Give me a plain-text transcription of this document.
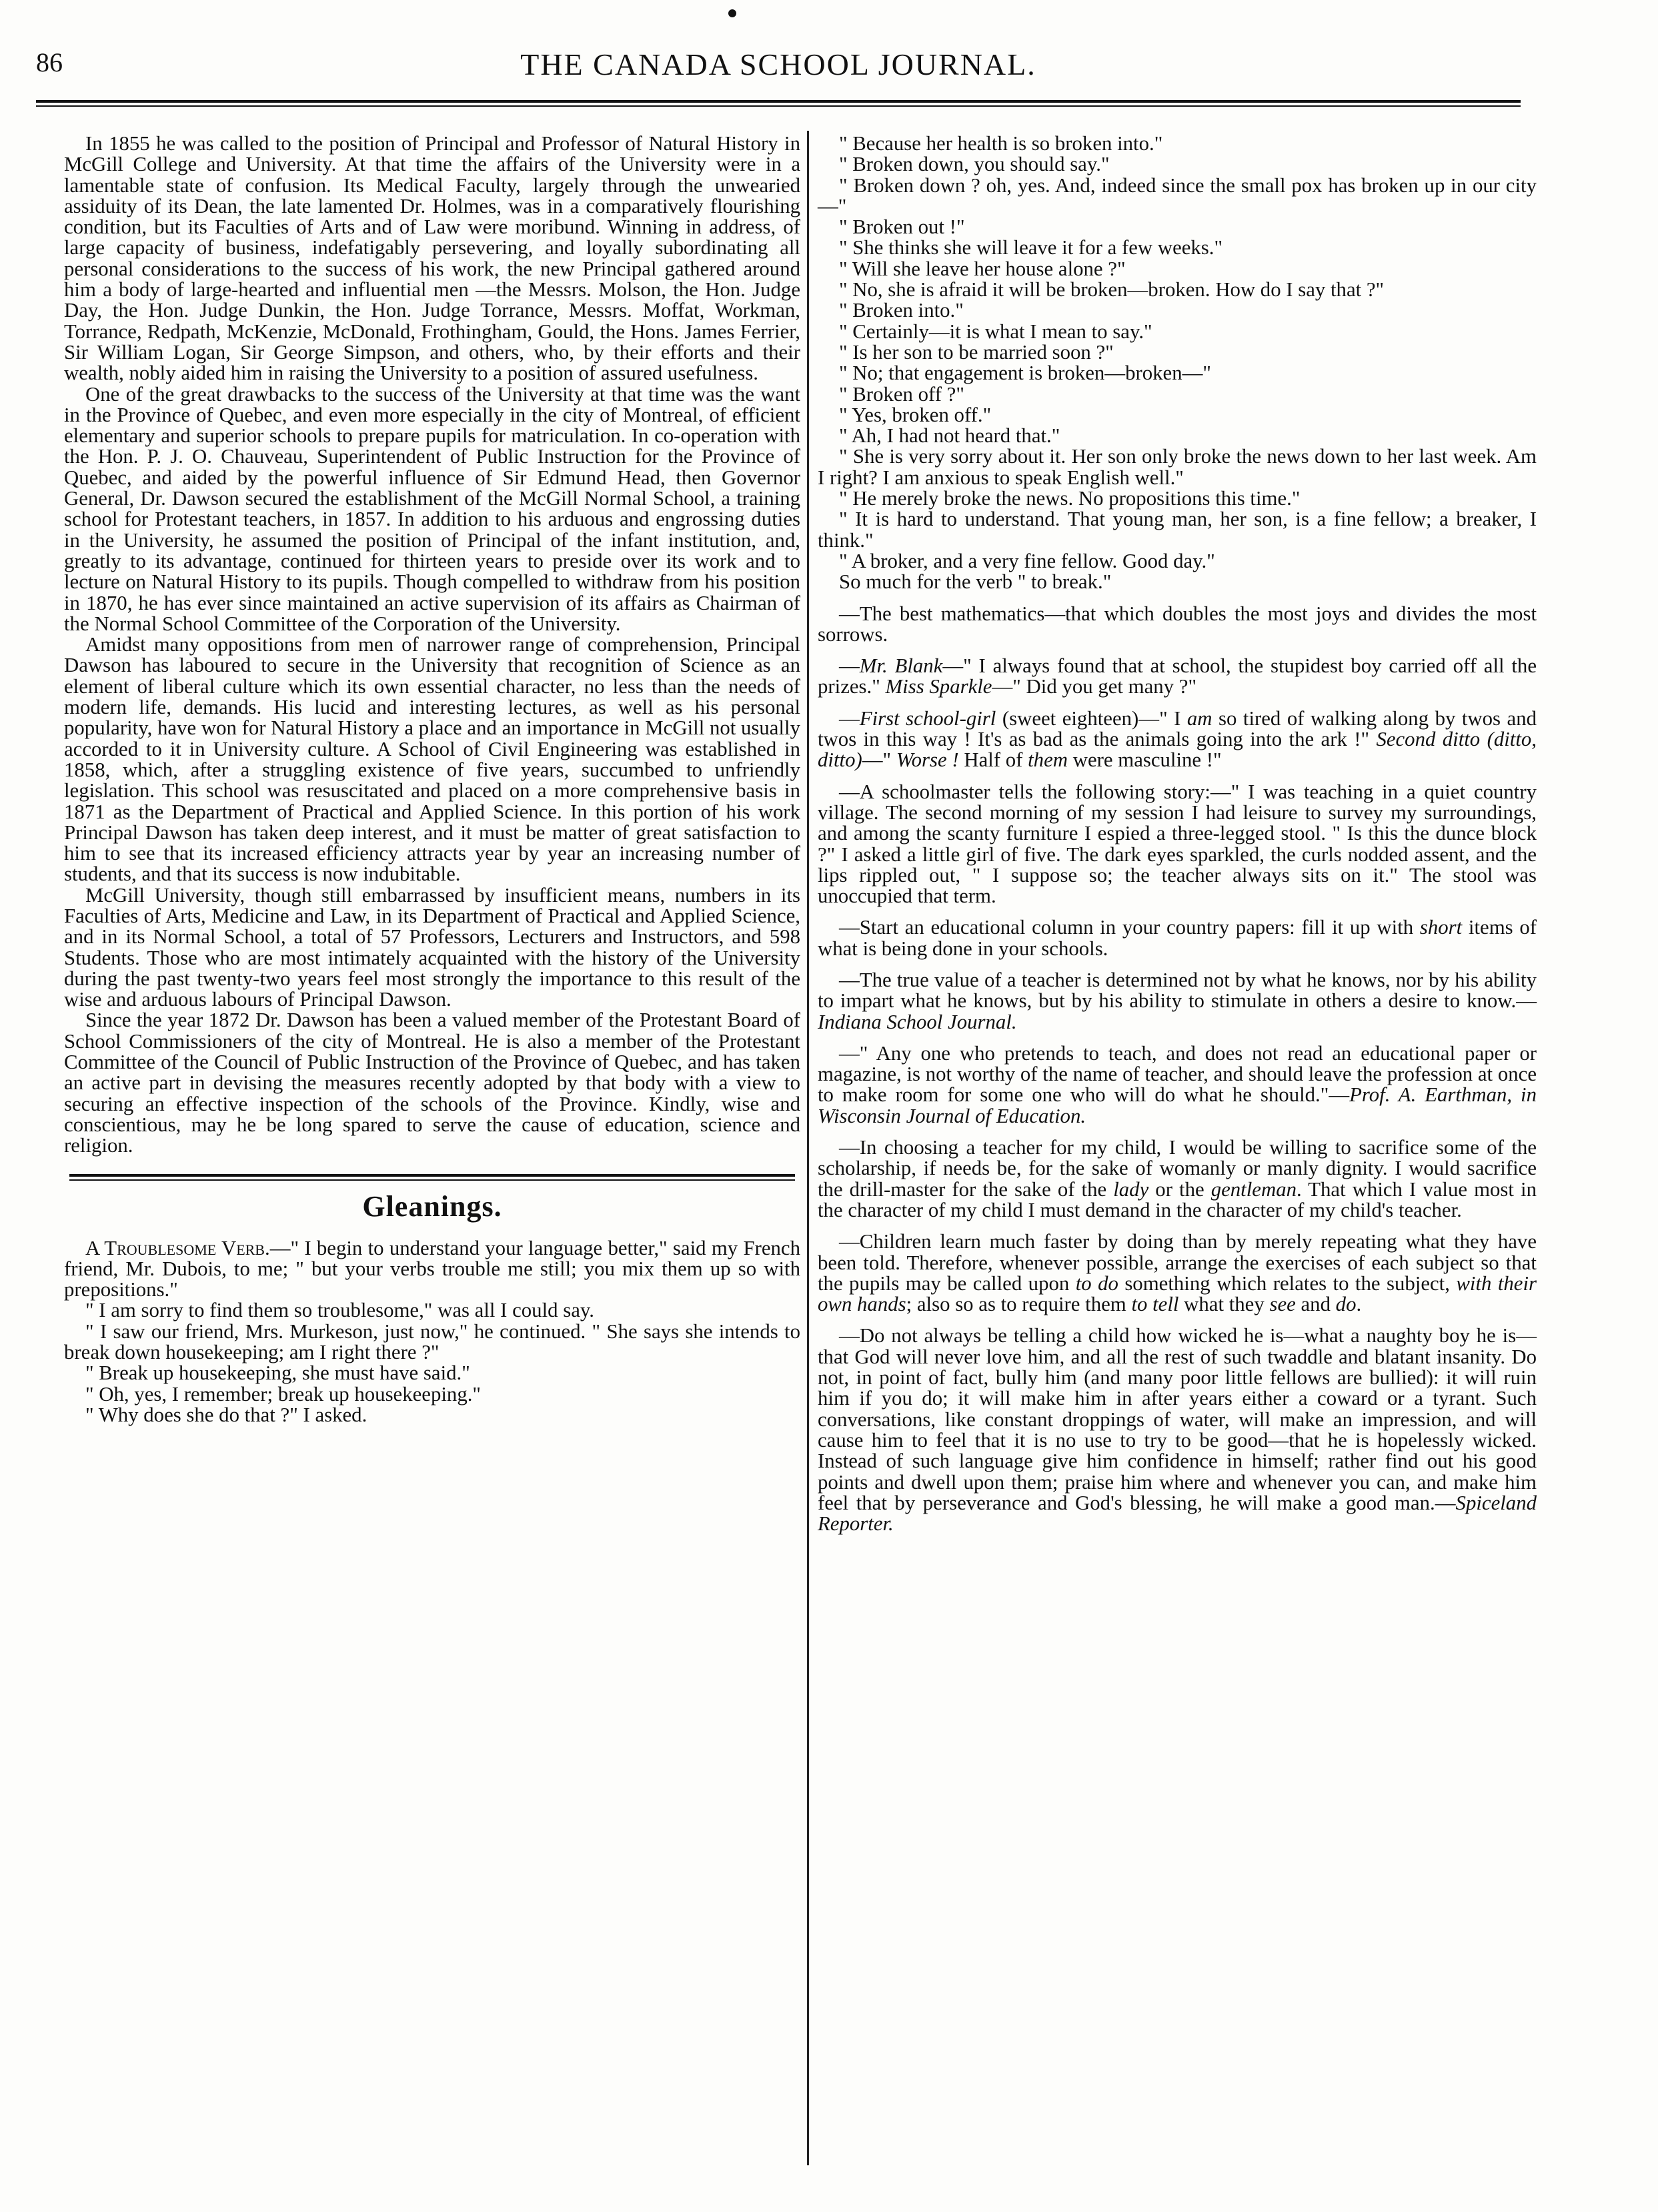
86	THE CANADA SCHOOL JOURNAL.

In 1855 he was called to the position of Principal and Professor of Natural History in McGill College and University. At that time the affairs of the University were in a lamentable state of confusion. Its Medical Faculty, largely through the unwearied assiduity of its Dean, the late lamented Dr. Holmes, was in a comparatively flourishing condition, but its Faculties of Arts and of Law were moribund. Winning in address, of large capacity of business, indefatigably persevering, and loyally subordinating all personal considerations to the success of his work, the new Principal gathered around him a body of large-hearted and influential men —the Messrs. Molson, the Hon. Judge Day, the Hon. Judge Dunkin, the Hon. Judge Torrance, Messrs. Moffat, Workman, Torrance, Redpath, McKenzie, McDonald, Frothingham, Gould, the Hons. James Ferrier, Sir William Logan, Sir George Simpson, and others, who, by their efforts and their wealth, nobly aided him in raising the University to a position of assured usefulness.

One of the great drawbacks to the success of the University at that time was the want in the Province of Quebec, and even more especially in the city of Montreal, of efficient elementary and superior schools to prepare pupils for matriculation. In co-operation with the Hon. P. J. O. Chauveau, Superintendent of Public Instruction for the Province of Quebec, and aided by the powerful influence of Sir Edmund Head, then Governor General, Dr. Dawson secured the establishment of the McGill Normal School, a training school for Protestant teachers, in 1857. In addition to his arduous and engrossing duties in the University, he assumed the position of Principal of the infant institution, and, greatly to its advantage, continued for thirteen years to preside over its work and to lecture on Natural History to its pupils. Though compelled to withdraw from his position in 1870, he has ever since maintained an active supervision of its affairs as Chairman of the Normal School Committee of the Corporation of the University.

Amidst many oppositions from men of narrower range of comprehension, Principal Dawson has laboured to secure in the University that recognition of Science as an element of liberal culture which its own essential character, no less than the needs of modern life, demands. His lucid and interesting lectures, as well as his personal popularity, have won for Natural History a place and an importance in McGill not usually accorded to it in University culture. A School of Civil Engineering was established in 1858, which, after a struggling existence of five years, succumbed to unfriendly legislation. This school was resuscitated and placed on a more comprehensive basis in 1871 as the Department of Practical and Applied Science. In this portion of his work Principal Dawson has taken deep interest, and it must be matter of great satisfaction to him to see that its increased efficiency attracts year by year an increasing number of students, and that its success is now indubitable.

McGill University, though still embarrassed by insufficient means, numbers in its Faculties of Arts, Medicine and Law, in its Department of Practical and Applied Science, and in its Normal School, a total of 57 Professors, Lecturers and Instructors, and 598 Students. Those who are most intimately acquainted with the history of the University during the past twenty-two years feel most strongly the importance to this result of the wise and arduous labours of Principal Dawson.

Since the year 1872 Dr. Dawson has been a valued member of the Protestant Board of School Commissioners of the city of Montreal. He is also a member of the Protestant Committee of the Council of Public Instruction of the Province of Quebec, and has taken an active part in devising the measures recently adopted by that body with a view to securing an effective inspection of the schools of the Province. Kindly, wise and conscientious, may he be long spared to serve the cause of education, science and religion.

Gleanings.

A Troublesome Verb.—" I begin to understand your language better," said my French friend, Mr. Dubois, to me; " but your verbs trouble me still; you mix them up so with prepositions."

" I am sorry to find them so troublesome," was all I could say.

" I saw our friend, Mrs. Murkeson, just now," he continued. " She says she intends to break down housekeeping; am I right there ?"

" Break up housekeeping, she must have said."

" Oh, yes, I remember; break up housekeeping."

" Why does she do that ?" I asked.

" Because her health is so broken into."

" Broken down, you should say."

" Broken down ? oh, yes. And, indeed since the small pox has broken up in our city—"

" Broken out !"

" She thinks she will leave it for a few weeks."

" Will she leave her house alone ?"

" No, she is afraid it will be broken—broken. How do I say that ?"

" Broken into."

" Certainly—it is what I mean to say."

" Is her son to be married soon ?"

" No; that engagement is broken—broken—"

" Broken off ?"

" Yes, broken off."

" Ah, I had not heard that."

" She is very sorry about it. Her son only broke the news down to her last week. Am I right? I am anxious to speak English well."

" He merely broke the news. No propositions this time."

" It is hard to understand. That young man, her son, is a fine fellow; a breaker, I think."

" A broker, and a very fine fellow. Good day."

So much for the verb " to break."

—The best mathematics—that which doubles the most joys and divides the most sorrows.

—Mr. Blank—" I always found that at school, the stupidest boy carried off all the prizes." Miss Sparkle—" Did you get many ?"

—First school-girl (sweet eighteen)—" I am so tired of walking along by twos and twos in this way ! It's as bad as the animals going into the ark !" Second ditto (ditto, ditto)—" Worse ! Half of them were masculine !"

—A schoolmaster tells the following story:—" I was teaching in a quiet country village. The second morning of my session I had leisure to survey my surroundings, and among the scanty furniture I espied a three-legged stool. " Is this the dunce block ?" I asked a little girl of five. The dark eyes sparkled, the curls nodded assent, and the lips rippled out, " I suppose so; the teacher always sits on it." The stool was unoccupied that term.

—Start an educational column in your country papers: fill it up with short items of what is being done in your schools.

—The true value of a teacher is determined not by what he knows, nor by his ability to impart what he knows, but by his ability to stimulate in others a desire to know.—Indiana School Journal.

—" Any one who pretends to teach, and does not read an educational paper or magazine, is not worthy of the name of teacher, and should leave the profession at once to make room for some one who will do what he should."—Prof. A. Earthman, in Wisconsin Journal of Education.

—In choosing a teacher for my child, I would be willing to sacrifice some of the scholarship, if needs be, for the sake of womanly or manly dignity. I would sacrifice the drill-master for the sake of the lady or the gentleman. That which I value most in the character of my child I must demand in the character of my child's teacher.

—Children learn much faster by doing than by merely repeating what they have been told. Therefore, whenever possible, arrange the exercises of each subject so that the pupils may be called upon to do something which relates to the subject, with their own hands; also so as to require them to tell what they see and do.

—Do not always be telling a child how wicked he is—what a naughty boy he is—that God will never love him, and all the rest of such twaddle and blatant insanity. Do not, in point of fact, bully him (and many poor little fellows are bullied): it will ruin him if you do; it will make him in after years either a coward or a tyrant. Such conversations, like constant droppings of water, will make an impression, and will cause him to feel that it is no use to try to be good—that he is hopelessly wicked. Instead of such language give him confidence in himself; rather find out his good points and dwell upon them; praise him where and whenever you can, and make him feel that by perseverance and God's blessing, he will make a good man.—Spiceland Reporter.
